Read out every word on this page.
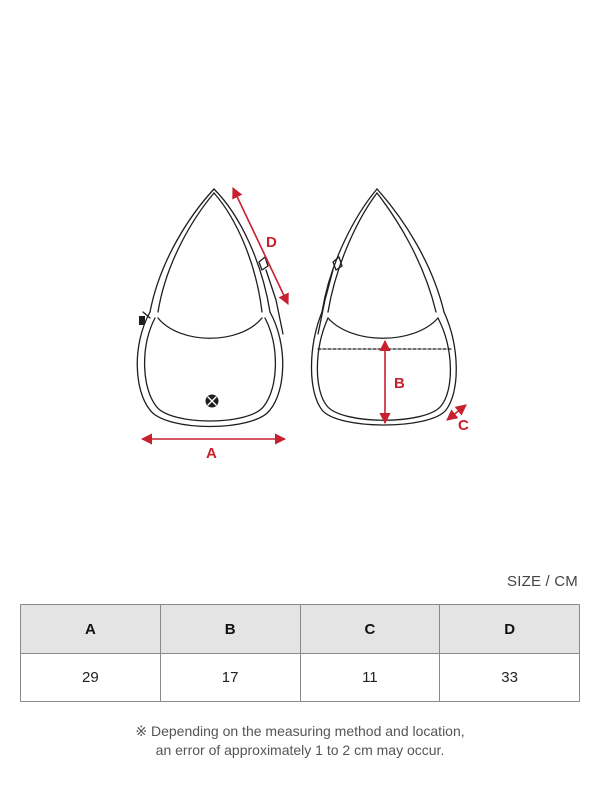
A
B
C
D
SIZE / CM
A	B	C	D
29	17	11	33
※ Depending on the measuring method and location,
an error of approximately 1 to 2 cm may occur.
